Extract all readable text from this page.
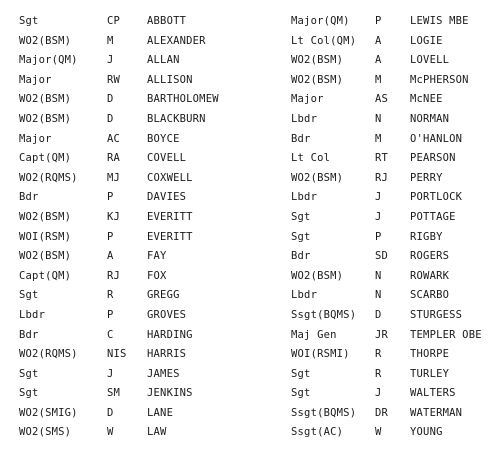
Sgt	CP	ABBOTT
WO2(BSM)	M	ALEXANDER
Major(QM)	J	ALLAN
Major	RW	ALLISON
WO2(BSM)	D	BARTHOLOMEW
WO2(BSM)	D	BLACKBURN
Major	AC	BOYCE
Capt(QM)	RA	COVELL
WO2(RQMS)	MJ	COXWELL
Bdr	P	DAVIES
WO2(BSM)	KJ	EVERITT
WOI(RSM)	P	EVERITT
WO2(BSM)	A	FAY
Capt(QM)	RJ	FOX
Sgt	R	GREGG
Lbdr	P	GROVES
Bdr	C	HARDING
WO2(RQMS)	NIS HARRIS
Sgt	J	JAMES
Sgt	SM	JENKINS
WO2(SMIG)	D	LANE
WO2(SMS)	W	LAW
Major(QM) P	LEWIS MBE
Lt Col(QM) A	LOGIE
WO2(BSM)	A	LOVELL
WO2(BSM)	M	McPHERSON
Major	AS McNEE
Lbdr	N	NORMAN
Bdr	M	O'HANLON
Lt Col	RT PEARSON
WO2(BSM)	RJ PERRY
Lbdr	J	PORTLOCK
Sgt	J	POTTAGE
Sgt	P	RIGBY
Bdr	SD ROGERS
WO2(BSM)	N	ROWARK
Lbdr	N	SCARBO
Ssgt(BQMS) D	STURGESS
Maj Gen	JR TEMPLER OBE
WOI(RSMI) R	THORPE
Sgt	R	TURLEY
Sgt	J	WALTERS
Ssgt(BQMS) DR WATERMAN
Ssgt(AC)	W	YOUNG
